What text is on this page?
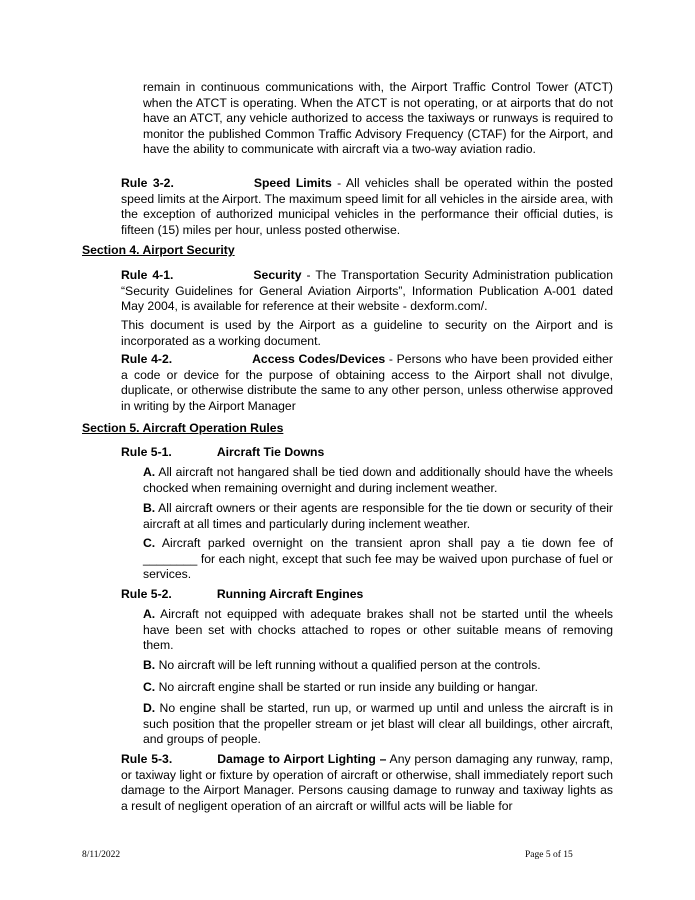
remain in continuous communications with, the Airport Traffic Control Tower (ATCT) when the ATCT is operating. When the ATCT is not operating, or at airports that do not have an ATCT, any vehicle authorized to access the taxiways or runways is required to monitor the published Common Traffic Advisory Frequency (CTAF) for the Airport, and have the ability to communicate with aircraft via a two-way aviation radio.

Rule 3-2.	Speed Limits - All vehicles shall be operated within the posted speed limits at the Airport. The maximum speed limit for all vehicles in the airside area, with the exception of authorized municipal vehicles in the performance their official duties, is fifteen (15) miles per hour, unless posted otherwise.

Section 4. Airport Security

Rule 4-1.	Security - The Transportation Security Administration publication “Security Guidelines for General Aviation Airports”, Information Publication A-001 dated May 2004, is available for reference at their website - dexform.com/.

This document is used by the Airport as a guideline to security on the Airport and is incorporated as a working document.

Rule 4-2.	Access Codes/Devices - Persons who have been provided either a code or device for the purpose of obtaining access to the Airport shall not divulge, duplicate, or otherwise distribute the same to any other person, unless otherwise approved in writing by the Airport Manager

Section 5. Aircraft Operation Rules
Rule 5-1.	Aircraft Tie Downs

A. All aircraft not hangared shall be tied down and additionally should have the wheels chocked when remaining overnight and during inclement weather.

B. All aircraft owners or their agents are responsible for the tie down or security of their aircraft at all times and particularly during inclement weather.

C. Aircraft parked overnight on the transient apron shall pay a tie down fee of ________ for each night, except that such fee may be waived upon purchase of fuel or services.

Rule 5-2.	Running Aircraft Engines

A. Aircraft not equipped with adequate brakes shall not be started until the wheels have been set with chocks attached to ropes or other suitable means of removing them.

B. No aircraft will be left running without a qualified person at the controls.

C. No aircraft engine shall be started or run inside any building or hangar.

D. No engine shall be started, run up, or warmed up until and unless the aircraft is in such position that the propeller stream or jet blast will clear all buildings, other aircraft, and groups of people.

Rule 5-3.	Damage to Airport Lighting – Any person damaging any runway, ramp, or taxiway light or fixture by operation of aircraft or otherwise, shall immediately report such damage to the Airport Manager. Persons causing damage to runway and taxiway lights as a result of negligent operation of an aircraft or willful acts will be liable for

8/11/2022	Page 5 of 15
